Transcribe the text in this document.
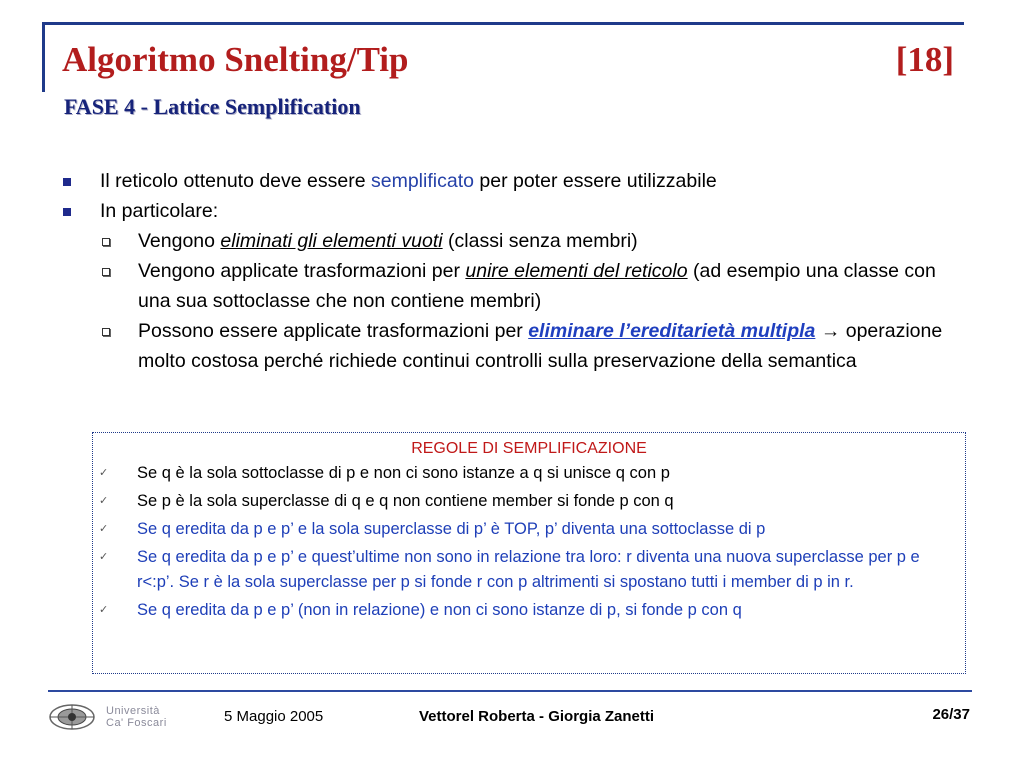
Algoritmo Snelting/Tip	[18]
FASE 4 - Lattice Semplification
Il reticolo ottenuto deve essere semplificato per poter essere utilizzabile
In particolare:
Vengono eliminati gli elementi vuoti (classi senza membri)
Vengono applicate trasformazioni per unire elementi del reticolo (ad esempio una classe con una sua sottoclasse che non contiene membri)
Possono essere applicate trasformazioni per eliminare l’ereditarietà multipla → operazione molto costosa perché richiede continui controlli sulla preservazione della semantica
REGOLE DI SEMPLIFICAZIONE
✓ Se q è la sola sottoclasse di p e non ci sono istanze a q si unisce q con p
✓ Se p è la sola superclasse di q e q non contiene member si fonde p con q
✓ Se q eredita da p e p’ e la sola superclasse di p’ è TOP, p’ diventa una sottoclasse di p
✓ Se q eredita da p e p’ e quest’ultime non sono in relazione tra loro: r diventa una nuova superclasse per p e r<:p’. Se r è la sola superclasse per p si fonde r con p altrimenti si spostano tutti i member di p in r.
✓ Se q eredita da p e p’ (non in relazione) e non ci sono istanze di p, si fonde p con q
Università
Ca' Foscari	5 Maggio 2005	Vettorel Roberta - Giorgia Zanetti	26/37
